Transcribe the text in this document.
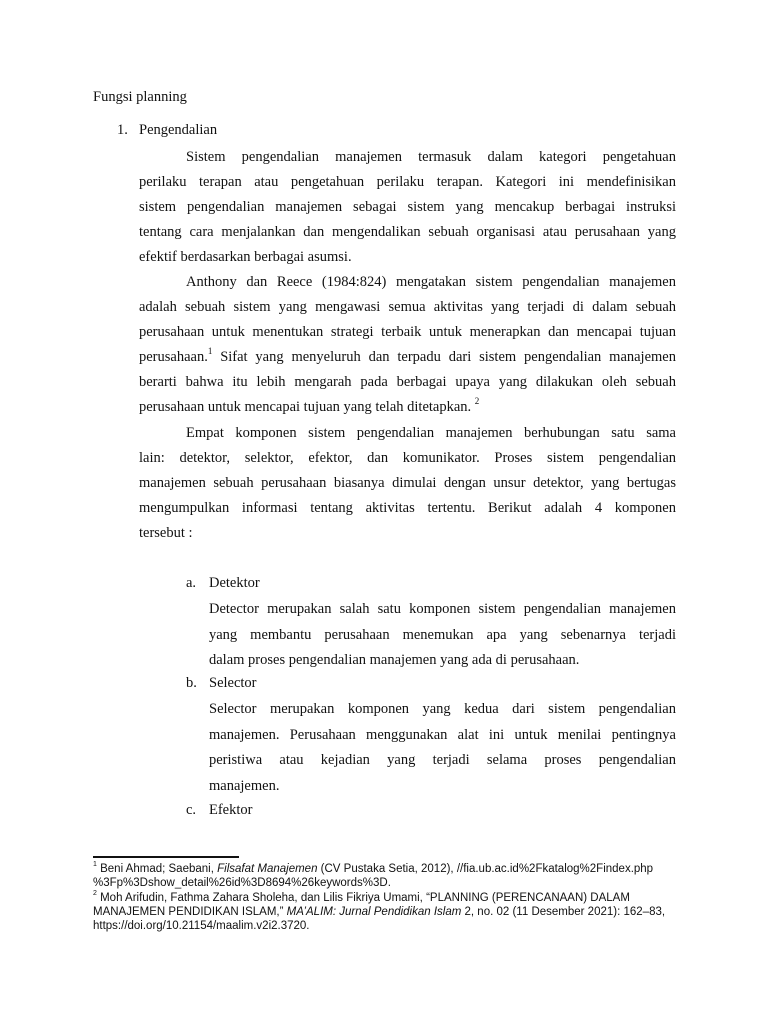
Fungsi planning
1. Pengendalian

Sistem pengendalian manajemen termasuk dalam kategori pengetahuan
perilaku terapan atau pengetahuan perilaku terapan. Kategori ini mendefinisikan
sistem pengendalian manajemen sebagai sistem yang mencakup berbagai instruksi
tentang cara menjalankan dan mengendalikan sebuah organisasi atau perusahaan yang
efektif berdasarkan berbagai asumsi.

Anthony dan Reece (1984:824) mengatakan sistem pengendalian manajemen
adalah sebuah sistem yang mengawasi semua aktivitas yang terjadi di dalam sebuah
perusahaan untuk menentukan strategi terbaik untuk menerapkan dan mencapai tujuan
perusahaan.$^1$ Sifat yang menyeluruh dan terpadu dari sistem pengendalian manajemen
berarti bahwa itu lebih mengarah pada berbagai upaya yang dilakukan oleh sebuah
perusahaan untuk mencapai tujuan yang telah ditetapkan. $^2$

Empat komponen sistem pengendalian manajemen berhubungan satu sama
lain: detektor, selektor, efektor, dan komunikator. Proses sistem pengendalian
manajemen sebuah perusahaan biasanya dimulai dengan unsur detektor, yang bertugas
mengumpulkan informasi tentang aktivitas tertentu. Berikut adalah 4 komponen
tersebut :

a. Detektor

Detector merupakan salah satu komponen sistem pengendalian manajemen
yang membantu perusahaan menemukan apa yang sebenarnya terjadi
dalam proses pengendalian manajemen yang ada di perusahaan.

b. Selector

Selector merupakan komponen yang kedua dari sistem pengendalian
manajemen. Perusahaan menggunakan alat ini untuk menilai pentingnya
peristiwa atau kejadian yang terjadi selama proses pengendalian
manajemen.

c. Efektor

$^1$ Beni Ahmad; Saebani, Filsafat Manajemen (CV Pustaka Setia, 2012), //fia.ub.ac.id%2Fkatalog%2Findex.php
%3Fp%3Dshow_detail%26id%3D8694%26keywords%3D.

$^2$ Moh Arifudin, Fathma Zahara Sholeha, dan Lilis Fikriya Umami, “PLANNING (PERENCANAAN) DALAM
MANAJEMEN PENDIDIKAN ISLAM,” MA’ALIM: Jurnal Pendidikan Islam 2, no. 02 (11 Desember 2021): 162–83,
https://doi.org/10.21154/maalim.v2i2.3720.
